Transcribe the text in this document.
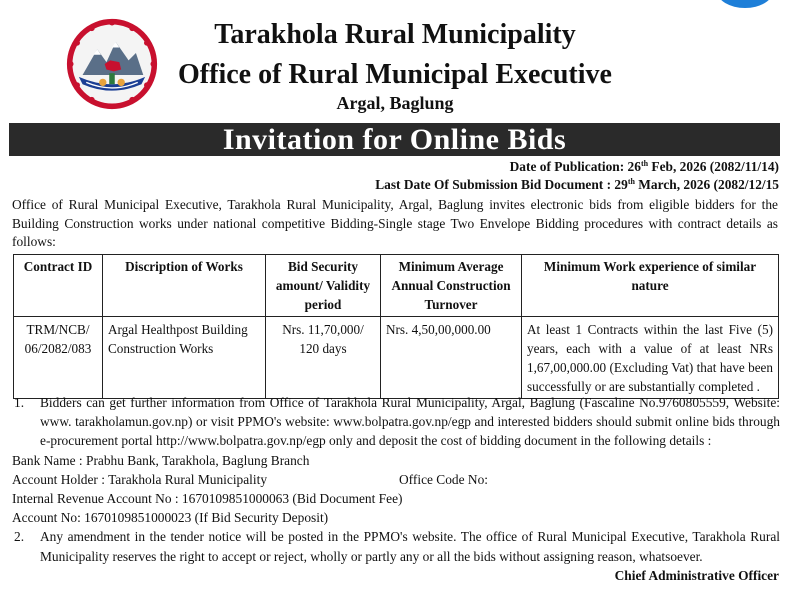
Tarakhola Rural Municipality
Office of Rural Municipal Executive
Argal, Baglung
Invitation for Online Bids
Date of Publication: 26th Feb, 2026 (2082/11/14)
Last Date Of Submission Bid Document : 29th March, 2026 (2082/12/15
Office of Rural Municipal Executive, Tarakhola Rural Municipality, Argal, Baglung invites electronic bids from eligible bidders for the Building Construction works under national competitive Bidding-Single stage Two Envelope Bidding procedures with contract details as follows:
Contract ID	Discription of Works	Bid Security amount/ Validity period	Minimum Average Annual Construction Turnover	Minimum Work experience of similar nature
TRM/NCB/ 06/2082/083	Argal Healthpost Building Construction Works	Nrs. 11,70,000/ 120 days	Nrs. 4,50,00,000.00	At least 1 Contracts within the last Five (5) years, each with a value of at least NRs 1,67,00,000.00 (Excluding Vat) that have been successfully or are substantially completed .
1. Bidders can get further information from Office of Tarakhola Rural Municipality, Argal, Baglung (Fascaline No.9760805559, Website: www. tarakholamun.gov.np) or visit PPMO's website: www.bolpatra.gov.np/egp and interested bidders should submit online bids through e-procurement portal http://www.bolpatra.gov.np/egp only and deposit the cost of bidding document in the following details :
Bank Name : Prabhu Bank, Tarakhola, Baglung Branch
Account Holder : Tarakhola Rural Municipality	Office Code No:
Internal Revenue Account No : 1670109851000063 (Bid Document Fee)
Account No: 1670109851000023 (If Bid Security Deposit)
2. Any amendment in the tender notice will be posted in the PPMO's website. The office of Rural Municipal Executive, Tarakhola Rural Municipality reserves the right to accept or reject, wholly or partly any or all the bids without assigning reason, whatsoever.
Chief Administrative Officer
